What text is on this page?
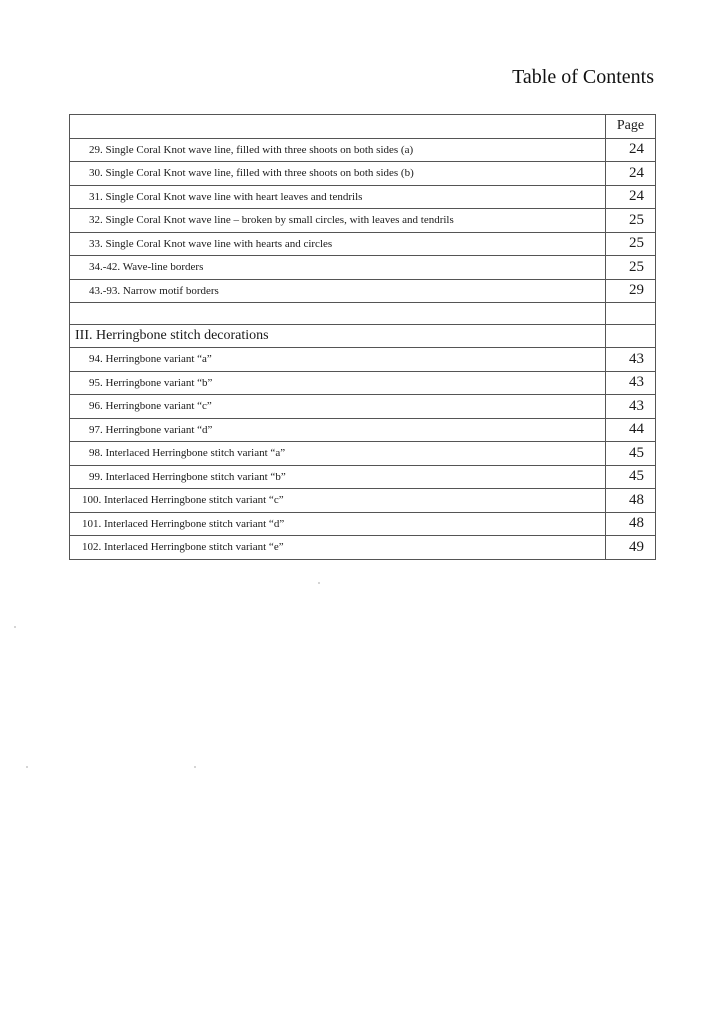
Table of Contents
	Page
29. Single Coral Knot wave line, filled with three shoots on both sides (a)	24
30. Single Coral Knot wave line, filled with three shoots on both sides (b)	24
31. Single Coral Knot wave line with heart leaves and tendrils	24
32. Single Coral Knot wave line – broken by small circles, with leaves and tendrils	25
33. Single Coral Knot wave line with hearts and circles	25
34.-42. Wave-line borders	25
43.-93. Narrow motif borders	29

III. Herringbone stitch decorations	
94. Herringbone variant “a”	43
95. Herringbone variant “b”	43
96. Herringbone variant “c”	43
97. Herringbone variant “d”	44
98. Interlaced Herringbone stitch variant “a”	45
99. Interlaced Herringbone stitch variant “b”	45
100. Interlaced Herringbone stitch variant “c”	48
101. Interlaced Herringbone stitch variant “d”	48
102. Interlaced Herringbone stitch variant “e”	49
